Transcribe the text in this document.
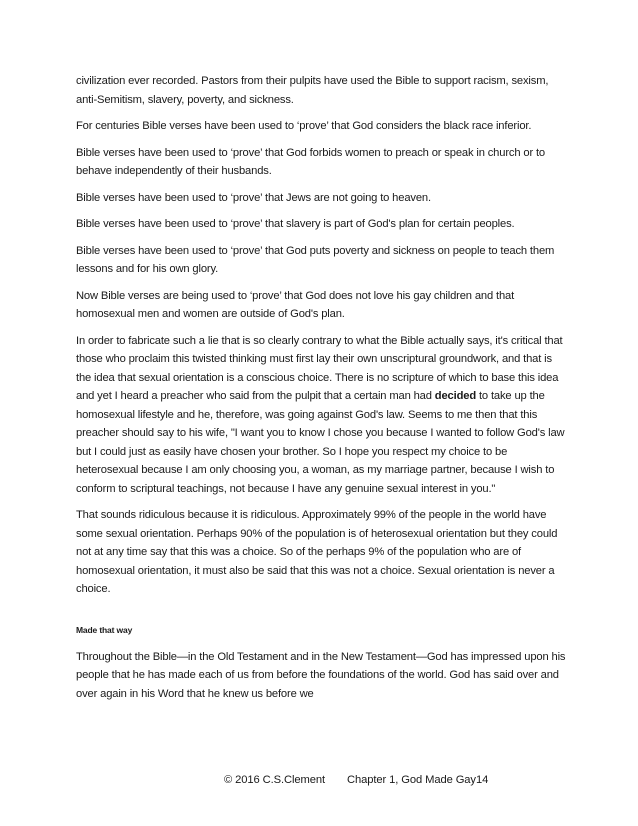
civilization ever recorded. Pastors from their pulpits have used the Bible to support racism, sexism, anti-Semitism, slavery, poverty, and sickness.

For centuries Bible verses have been used to ‘prove’ that God considers the black race inferior.

Bible verses have been used to ‘prove’ that God forbids women to preach or speak in church or to behave independently of their husbands.

Bible verses have been used to ‘prove’ that Jews are not going to heaven.

Bible verses have been used to ‘prove’ that slavery is part of God's plan for certain peoples.

Bible verses have been used to ‘prove’ that God puts poverty and sickness on people to teach them lessons and for his own glory.

Now Bible verses are being used to ‘prove’ that God does not love his gay children and that homosexual men and women are outside of God's plan.

In order to fabricate such a lie that is so clearly contrary to what the Bible actually says, it's critical that those who proclaim this twisted thinking must first lay their own unscriptural groundwork, and that is the idea that sexual orientation is a conscious choice. There is no scripture of which to base this idea and yet I heard a preacher who said from the pulpit that a certain man had decided to take up the homosexual lifestyle and he, therefore, was going against God's law. Seems to me then that this preacher should say to his wife, "I want you to know I chose you because I wanted to follow God's law but I could just as easily have chosen your brother. So I hope you respect my choice to be heterosexual because I am only choosing you, a woman, as my marriage partner, because I wish to conform to scriptural teachings, not because I have any genuine sexual interest in you."

That sounds ridiculous because it is ridiculous. Approximately 99% of the people in the world have some sexual orientation. Perhaps 90% of the population is of heterosexual orientation but they could not at any time say that this was a choice. So of the perhaps 9% of the population who are of homosexual orientation, it must also be said that this was not a choice. Sexual orientation is never a choice.

Made that way

Throughout the Bible—in the Old Testament and in the New Testament—God has impressed upon his people that he has made each of us from before the foundations of the world. God has said over and over again in his Word that he knew us before we

© 2016 C.S.Clement Chapter 1, God Made Gay 14
